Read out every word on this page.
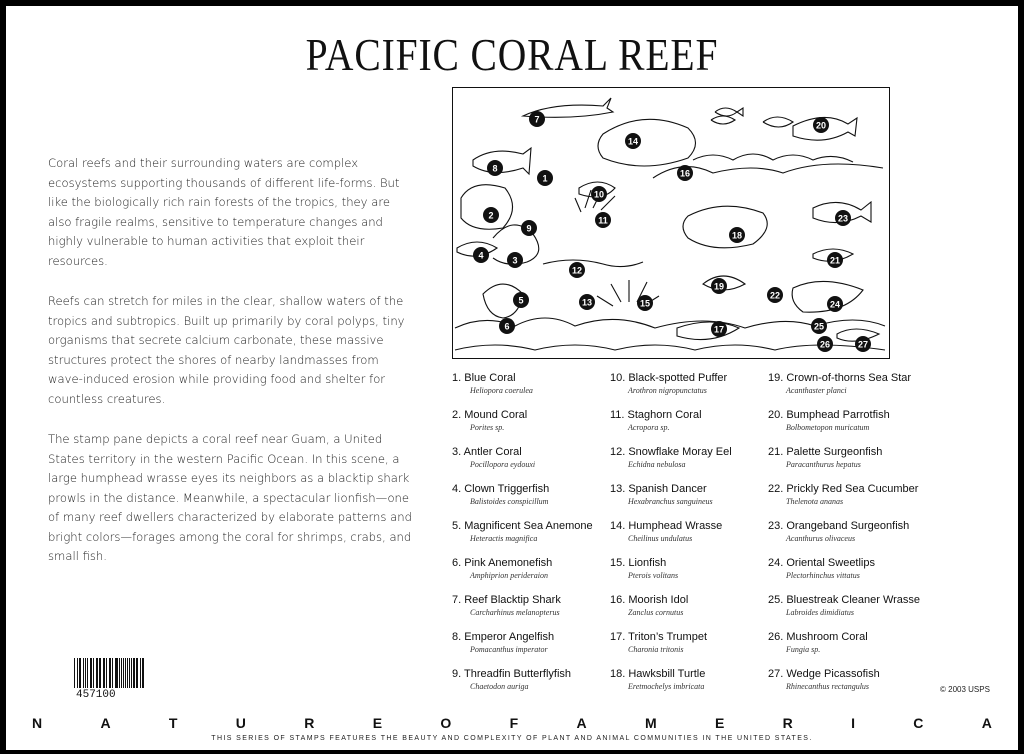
PACIFIC CORAL REEF

Coral reefs and their surrounding waters are complex ecosystems supporting thousands of different life-forms. But like the biologically rich rain forests of the tropics, they are also fragile realms, sensitive to temperature changes and highly vulnerable to human activities that exploit their resources.

Reefs can stretch for miles in the clear, shallow waters of the tropics and subtropics. Built up primarily by coral polyps, tiny organisms that secrete calcium carbonate, these massive structures protect the shores of nearby landmasses from wave-induced erosion while providing food and shelter for countless creatures.

The stamp pane depicts a coral reef near Guam, a United States territory in the western Pacific Ocean. In this scene, a large humphead wrasse eyes its neighbors as a blacktip shark prowls in the distance. Meanwhile, a spectacular lionfish—one of many reef dwellers characterized by elaborate patterns and bright colors—forages among the coral for shrimps, crabs, and small fish.

457100
1
2
3
4
5
6
7
8
9
10
11
12
13
14
15
16
17
18
19
20
21
22
23
24
25
26	27
1. Blue Coral
Heliopora coerulea
2. Mound Coral
Porites sp.
3. Antler Coral
Pocillopora eydouxi
4. Clown Triggerfish
Balistoides conspicillum
5. Magnificent Sea Anemone
Heteractis magnifica
6. Pink Anemonefish
Amphiprion perideraion
7. Reef Blacktip Shark
Carcharhinus melanopterus
8. Emperor Angelfish
Pomacanthus imperator
9. Threadfin Butterflyfish
Chaetodon auriga
10. Black-spotted Puffer
Arothron nigropunctatus
11. Staghorn Coral
Acropora sp.
12. Snowflake Moray Eel
Echidna nebulosa
13. Spanish Dancer
Hexabranchus sanguineus
14. Humphead Wrasse
Cheilinus undulatus
15. Lionfish
Pterois volitans
16. Moorish Idol
Zanclus cornutus
17. Triton’s Trumpet
Charonia tritonis
18. Hawksbill Turtle
Eretmochelys imbricata
19. Crown-of-thorns Sea Star
Acanthaster planci
20. Bumphead Parrotfish
Bolbometopon muricatum
21. Palette Surgeonfish
Paracanthurus hepatus
22. Prickly Red Sea Cucumber
Thelenota ananas
23. Orangeband Surgeonfish
Acanthurus olivaceus
24. Oriental Sweetlips
Plectorhinchus vittatus
25. Bluestreak Cleaner Wrasse
Labroides dimidiatus
26. Mushroom Coral
Fungia sp.
27. Wedge Picassofish
Rhinecanthus rectangulus	© 2003 USPS
N	A	T	U	R	E	O	F	A	M	E	R	I	C	A
THIS SERIES OF STAMPS FEATURES THE BEAUTY AND COMPLEXITY OF PLANT AND ANIMAL COMMUNITIES IN THE UNITED STATES.
